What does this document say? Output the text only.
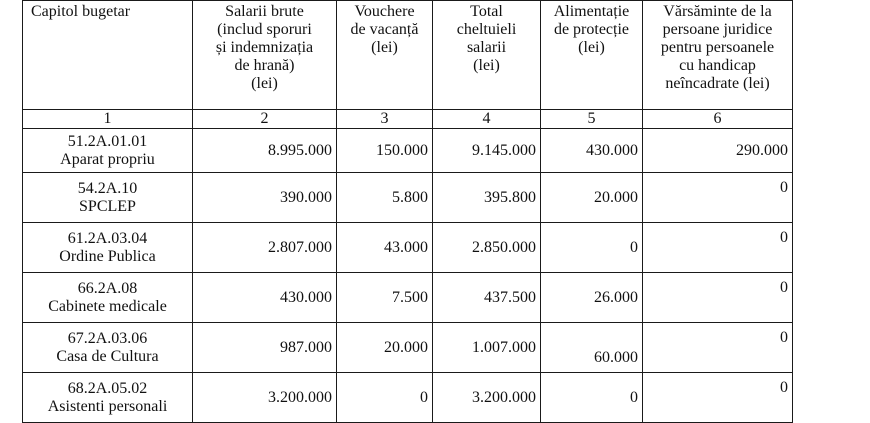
Capitol bugetar	Salarii brute
(includ sporuri
și indemnizația
de hrană)
(lei)	Vouchere
de vacanță
(lei)	Total
cheltuieli
salarii
(lei)	Alimentație
de protecție
(lei)	Vărsăminte de la
persoane juridice
pentru persoanele
cu handicap
neîncadrate (lei)

1	2	3	4	5	6

51.2A.01.01
Aparat propriu	8.995.000	150.000	9.145.000	430.000	290.000

54.2A.10
SPCLEP	390.000	5.800	395.800	20.000	0

61.2A.03.04
Ordine Publica	2.807.000	43.000	2.850.000	0	0

66.2A.08
Cabinete medicale	430.000	7.500	437.500	26.000	0

67.2A.03.06
Casa de Cultura	987.000	20.000	1.007.000	60.000	0

68.2A.05.02
Asistenti personali	3.200.000	0	3.200.000	0	0
